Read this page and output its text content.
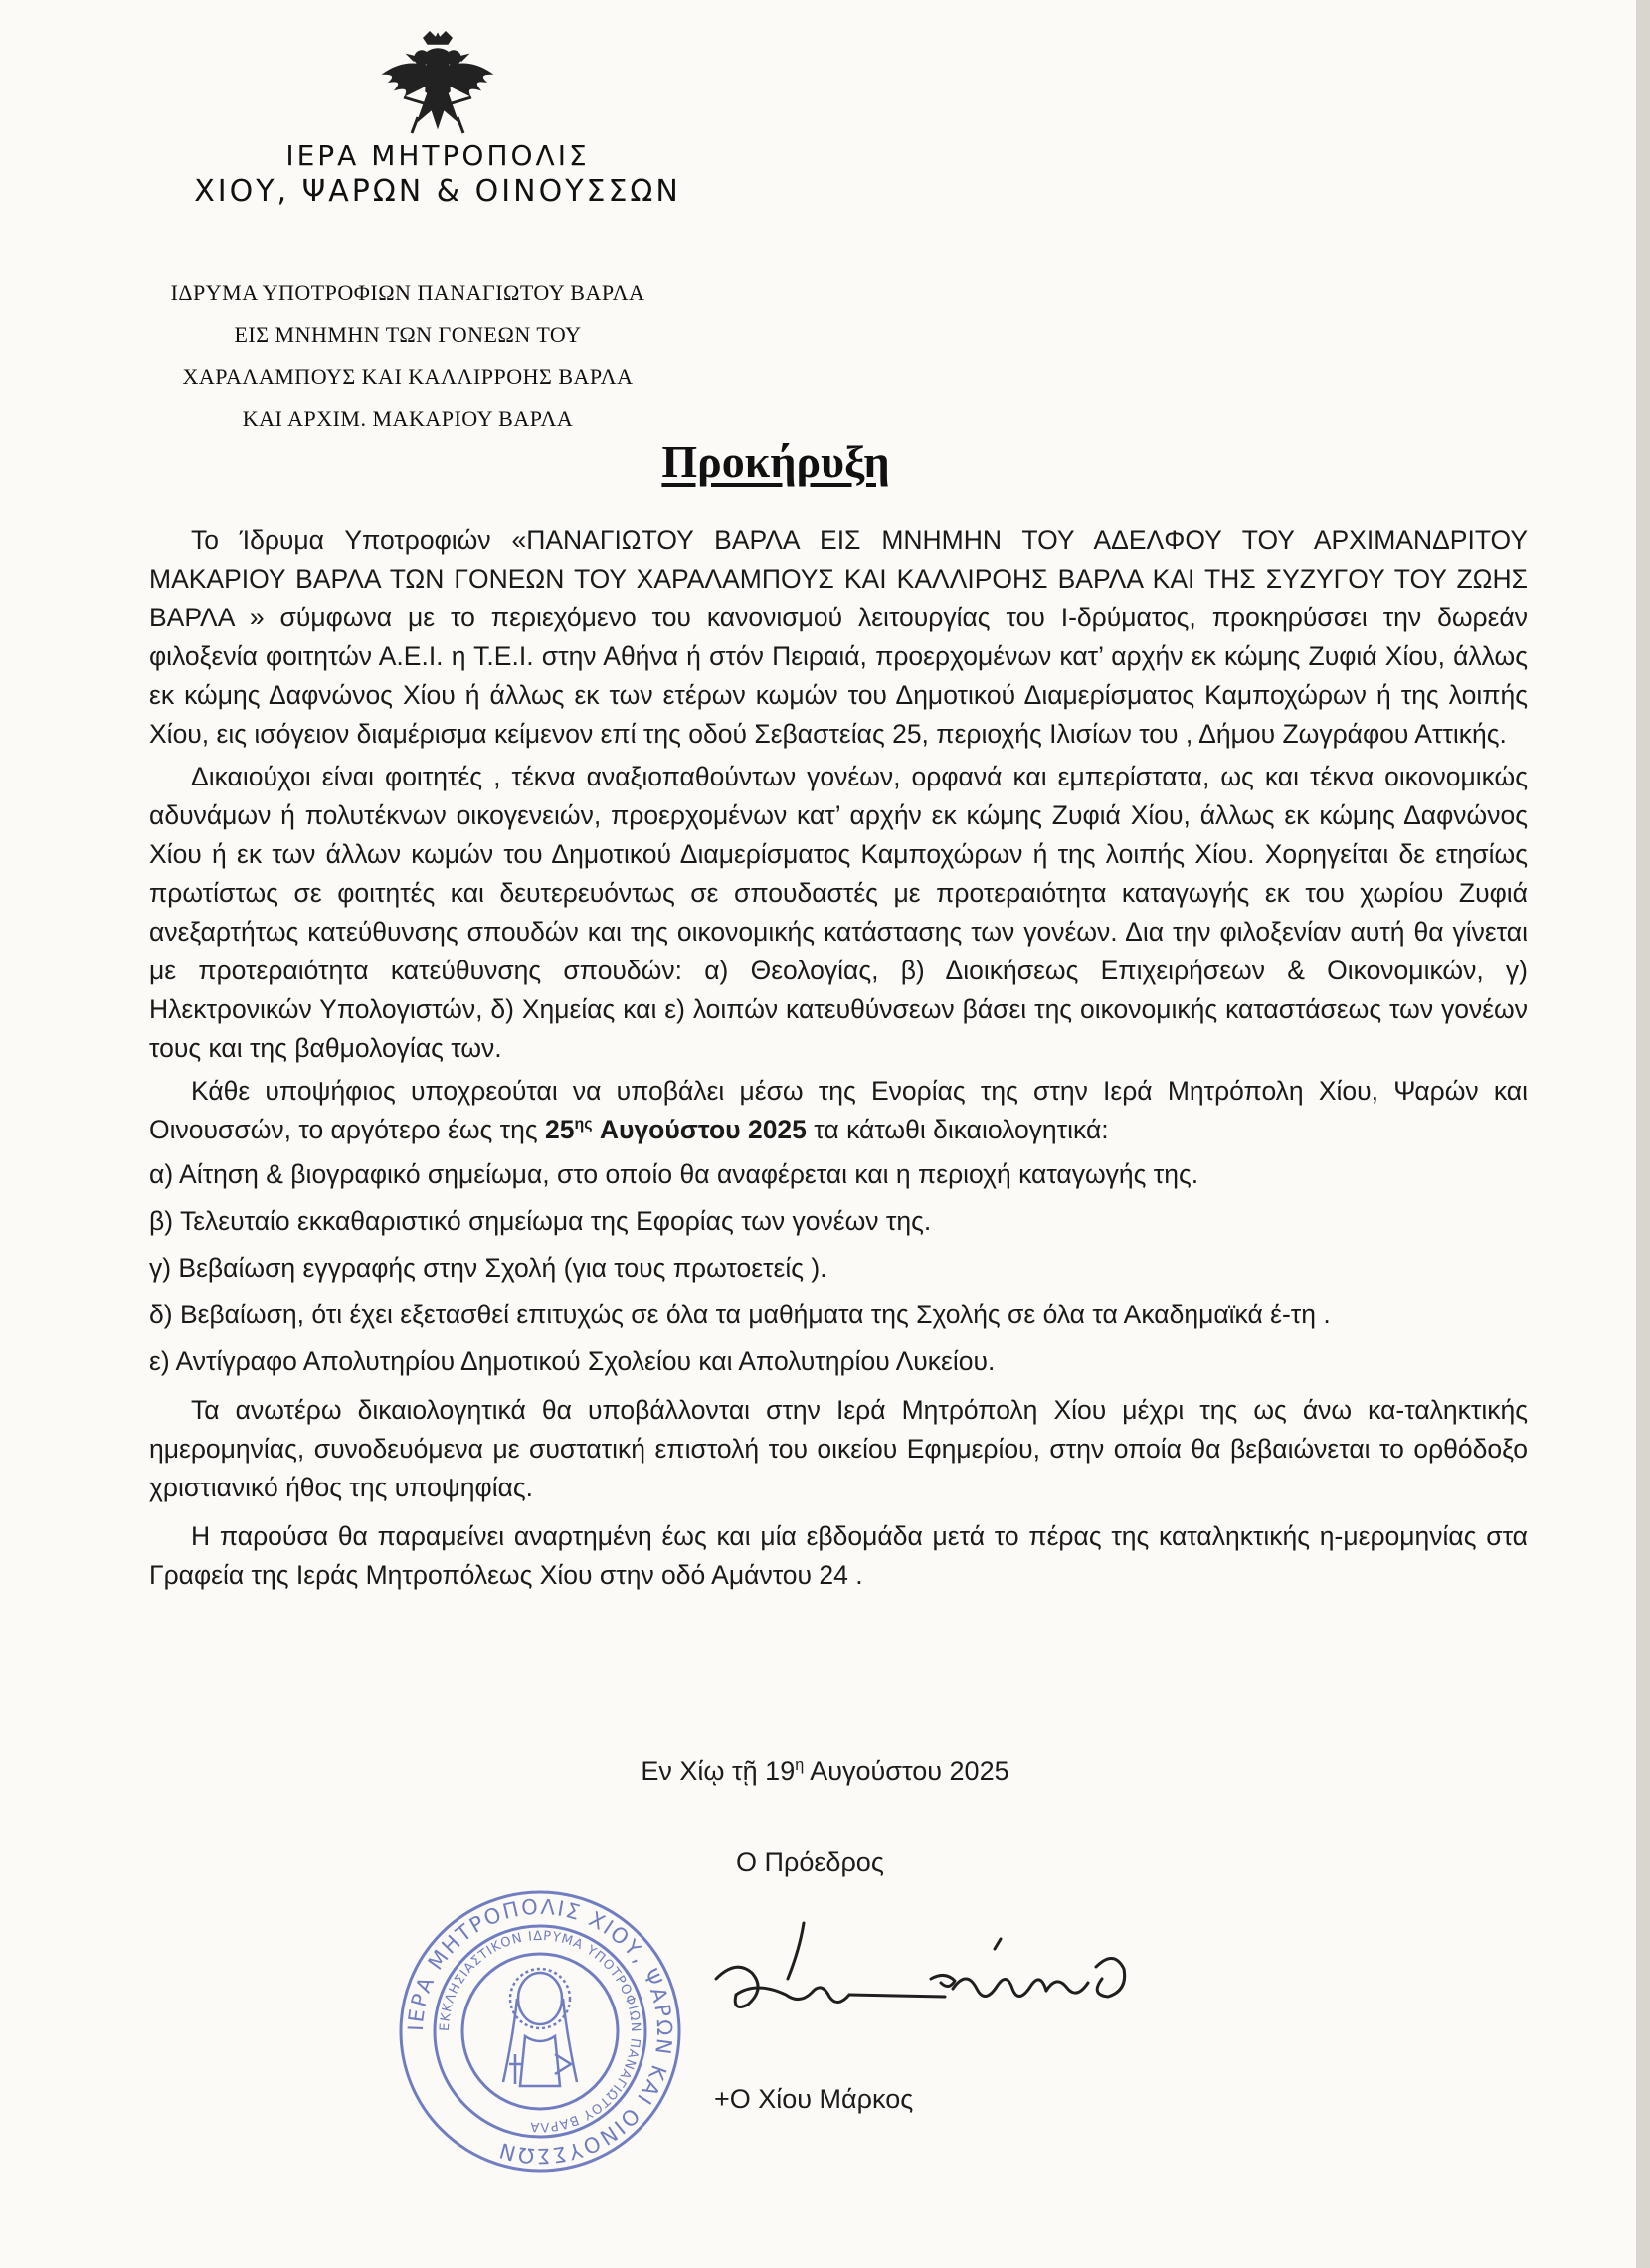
ΙΕΡΑ ΜΗΤΡΟΠΟΛΙΣ
ΧΙΟΥ, ΨΑΡΩΝ & ΟΙΝΟΥΣΣΩΝ
ΙΔΡΥΜΑ ΥΠΟΤΡΟΦΙΩΝ ΠΑΝΑΓΙΩΤΟΥ ΒΑΡΛΑ
ΕΙΣ ΜΝΗΜΗΝ ΤΩΝ ΓΟΝΕΩΝ ΤΟΥ
ΧΑΡΑΛΑΜΠΟΥΣ ΚΑΙ ΚΑΛΛΙΡΡΟΗΣ ΒΑΡΛΑ
ΚΑΙ ΑΡΧΙΜ. ΜΑΚΑΡΙΟΥ ΒΑΡΛΑ
Προκήρυξη

Το Ίδρυμα Υποτροφιών «ΠΑΝΑΓΙΩΤΟΥ ΒΑΡΛΑ ΕΙΣ ΜΝΗΜΗΝ ΤΟΥ ΑΔΕΛΦΟΥ ΤΟΥ ΑΡΧΙΜΑΝΔΡΙΤΟΥ ΜΑΚΑΡΙΟΥ ΒΑΡΛΑ ΤΩΝ ΓΟΝΕΩΝ ΤΟΥ ΧΑΡΑΛΑΜΠΟΥΣ ΚΑΙ ΚΑΛΛΙΡΟΗΣ ΒΑΡΛΑ ΚΑΙ ΤΗΣ ΣΥΖΥΓΟΥ ΤΟΥ ΖΩΗΣ ΒΑΡΛΑ » σύμφωνα με το περιεχόμενο του κανονισμού λειτουργίας του Ι-δρύματος, προκηρύσσει την δωρεάν φιλοξενία φοιτητών Α.Ε.Ι. η Τ.Ε.Ι. στην Αθήνα ή στόν Πειραιά, προερχομένων κατ’ αρχήν εκ κώμης Ζυφιά Χίου, άλλως εκ κώμης Δαφνώνος Χίου ή άλλως εκ των ετέρων κωμών του Δημοτικού Διαμερίσματος Καμποχώρων ή της λοιπής Χίου, εις ισόγειον διαμέρισμα κείμενον επί της οδού Σεβαστείας 25, περιοχής Ιλισίων του , Δήμου Ζωγράφου Αττικής.

Δικαιούχοι είναι φοιτητές , τέκνα αναξιοπαθούντων γονέων, ορφανά και εμπερίστατα, ως και τέκνα οικονομικώς αδυνάμων ή πολυτέκνων οικογενειών, προερχομένων κατ’ αρχήν εκ κώμης Ζυφιά Χίου, άλλως εκ κώμης Δαφνώνος Χίου ή εκ των άλλων κωμών του Δημοτικού Διαμερίσματος Καμποχώρων ή της λοιπής Χίου. Χορηγείται δε ετησίως πρωτίστως σε φοιτητές και δευτερευόντως σε σπουδαστές με προτεραιότητα καταγωγής εκ του χωρίου Ζυφιά ανεξαρτήτως κατεύθυνσης σπουδών και της οικονομικής κατάστασης των γονέων. Δια την φιλοξενίαν αυτή θα γίνεται με προτεραιότητα κατεύθυνσης σπουδών: α) Θεολογίας, β) Διοικήσεως Επιχειρήσεων & Οικονομικών, γ) Ηλεκτρονικών Υπολογιστών, δ) Χημείας και ε) λοιπών κατευθύνσεων βάσει της οικονομικής καταστάσεως των γονέων τους και της βαθμολογίας των.

Κάθε υποψήφιος υποχρεούται να υποβάλει μέσω της Ενορίας της στην Ιερά Μητρόπολη Χίου, Ψαρών και Οινουσσών, το αργότερο έως της $25^{\eta\varsigma}$ Αυγούστου 2025 τα κάτωθι δικαιολογητικά:

α) Αίτηση & βιογραφικό σημείωμα, στο οποίο θα αναφέρεται και η περιοχή καταγωγής της.

β) Τελευταίο εκκαθαριστικό σημείωμα της Εφορίας των γονέων της.

γ) Βεβαίωση εγγραφής στην Σχολή (για τους πρωτοετείς ).

δ) Βεβαίωση, ότι έχει εξετασθεί επιτυχώς σε όλα τα μαθήματα της Σχολής σε όλα τα Ακαδημαϊκά έ-τη .

ε) Αντίγραφο Απολυτηρίου Δημοτικού Σχολείου και Απολυτηρίου Λυκείου.

Τα ανωτέρω δικαιολογητικά θα υποβάλλονται στην Ιερά Μητρόπολη Χίου μέχρι της ως άνω κα-ταληκτικής ημερομηνίας, συνοδευόμενα με συστατική επιστολή του οικείου Εφημερίου, στην οποία θα βεβαιώνεται το ορθόδοξο χριστιανικό ήθος της υποψηφίας.

Η παρούσα θα παραμείνει αναρτημένη έως και μία εβδομάδα μετά το πέρας της καταληκτικής η-μερομηνίας στα Γραφεία της Ιεράς Μητροπόλεως Χίου στην οδό Αμάντου 24 .

Εν Χίῳ τῇ $19^\eta$ Αυγούστου 2025
Ο Πρόεδρος
ΙΕΡΑ ΜΗΤΡΟΠΟΛΙΣ ΧΙΟΥ, ΨΑΡΩΝ ΚΑΙ ΟΙΝΟΥΣΣΩΝ
ΕΚΚΛΗΣΙΑΣΤΙΚΟΝ ΙΔΡΥΜΑ ΥΠΟΤΡΟΦΙΩΝ ΠΑΝΑΓΙΩΤΟΥ ΒΑΡΛΑ
+Ο Χίου Μάρκος
